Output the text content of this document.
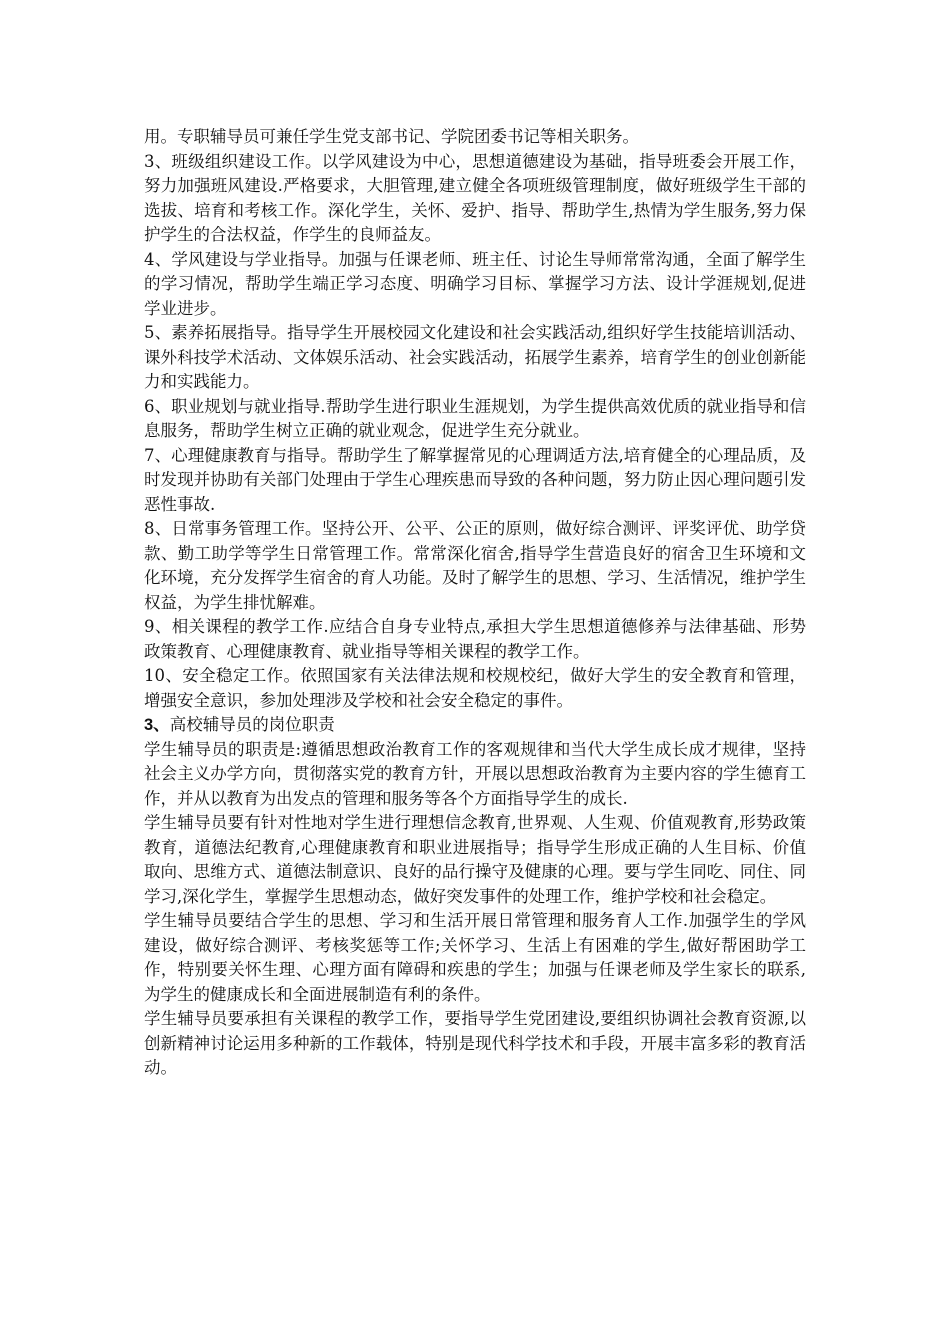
用。专职辅导员可兼任学生党支部书记、学院团委书记等相关职务。

3、班级组织建设工作。以学风建设为中心，思想道德建设为基础，指导班委会开展工作，努力加强班风建设.严格要求，大胆管理,建立健全各项班级管理制度，做好班级学生干部的选拔、培育和考核工作。深化学生，关怀、爱护、指导、帮助学生,热情为学生服务,努力保护学生的合法权益，作学生的良师益友。

4、学风建设与学业指导。加强与任课老师、班主任、讨论生导师常常沟通，全面了解学生的学习情况，帮助学生端正学习态度、明确学习目标、掌握学习方法、设计学涯规划,促进学业进步。

5、素养拓展指导。指导学生开展校园文化建设和社会实践活动,组织好学生技能培训活动、课外科技学术活动、文体娱乐活动、社会实践活动，拓展学生素养，培育学生的创业创新能力和实践能力。

6、职业规划与就业指导.帮助学生进行职业生涯规划，为学生提供高效优质的就业指导和信息服务，帮助学生树立正确的就业观念，促进学生充分就业。

7、心理健康教育与指导。帮助学生了解掌握常见的心理调适方法,培育健全的心理品质，及时发现并协助有关部门处理由于学生心理疾患而导致的各种问题，努力防止因心理问题引发恶性事故.

8、日常事务管理工作。坚持公开、公平、公正的原则，做好综合测评、评奖评优、助学贷款、勤工助学等学生日常管理工作。常常深化宿舍,指导学生营造良好的宿舍卫生环境和文化环境，充分发挥学生宿舍的育人功能。及时了解学生的思想、学习、生活情况，维护学生权益，为学生排忧解难。

9、相关课程的教学工作.应结合自身专业特点,承担大学生思想道德修养与法律基础、形势政策教育、心理健康教育、就业指导等相关课程的教学工作。

10、安全稳定工作。依照国家有关法律法规和校规校纪，做好大学生的安全教育和管理，增强安全意识，参加处理涉及学校和社会安全稳定的事件。

3、高校辅导员的岗位职责

学生辅导员的职责是:遵循思想政治教育工作的客观规律和当代大学生成长成才规律，坚持社会主义办学方向，贯彻落实党的教育方针，开展以思想政治教育为主要内容的学生德育工作，并从以教育为出发点的管理和服务等各个方面指导学生的成长.

学生辅导员要有针对性地对学生进行理想信念教育,世界观、人生观、价值观教育,形势政策教育，道德法纪教育,心理健康教育和职业进展指导；指导学生形成正确的人生目标、价值取向、思维方式、道德法制意识、良好的品行操守及健康的心理。要与学生同吃、同住、同学习,深化学生，掌握学生思想动态，做好突发事件的处理工作，维护学校和社会稳定。

学生辅导员要结合学生的思想、学习和生活开展日常管理和服务育人工作.加强学生的学风建设，做好综合测评、考核奖惩等工作;关怀学习、生活上有困难的学生,做好帮困助学工作，特别要关怀生理、心理方面有障碍和疾患的学生；加强与任课老师及学生家长的联系,为学生的健康成长和全面进展制造有利的条件。

学生辅导员要承担有关课程的教学工作，要指导学生党团建设,要组织协调社会教育资源,以创新精神讨论运用多种新的工作载体，特别是现代科学技术和手段，开展丰富多彩的教育活动。
